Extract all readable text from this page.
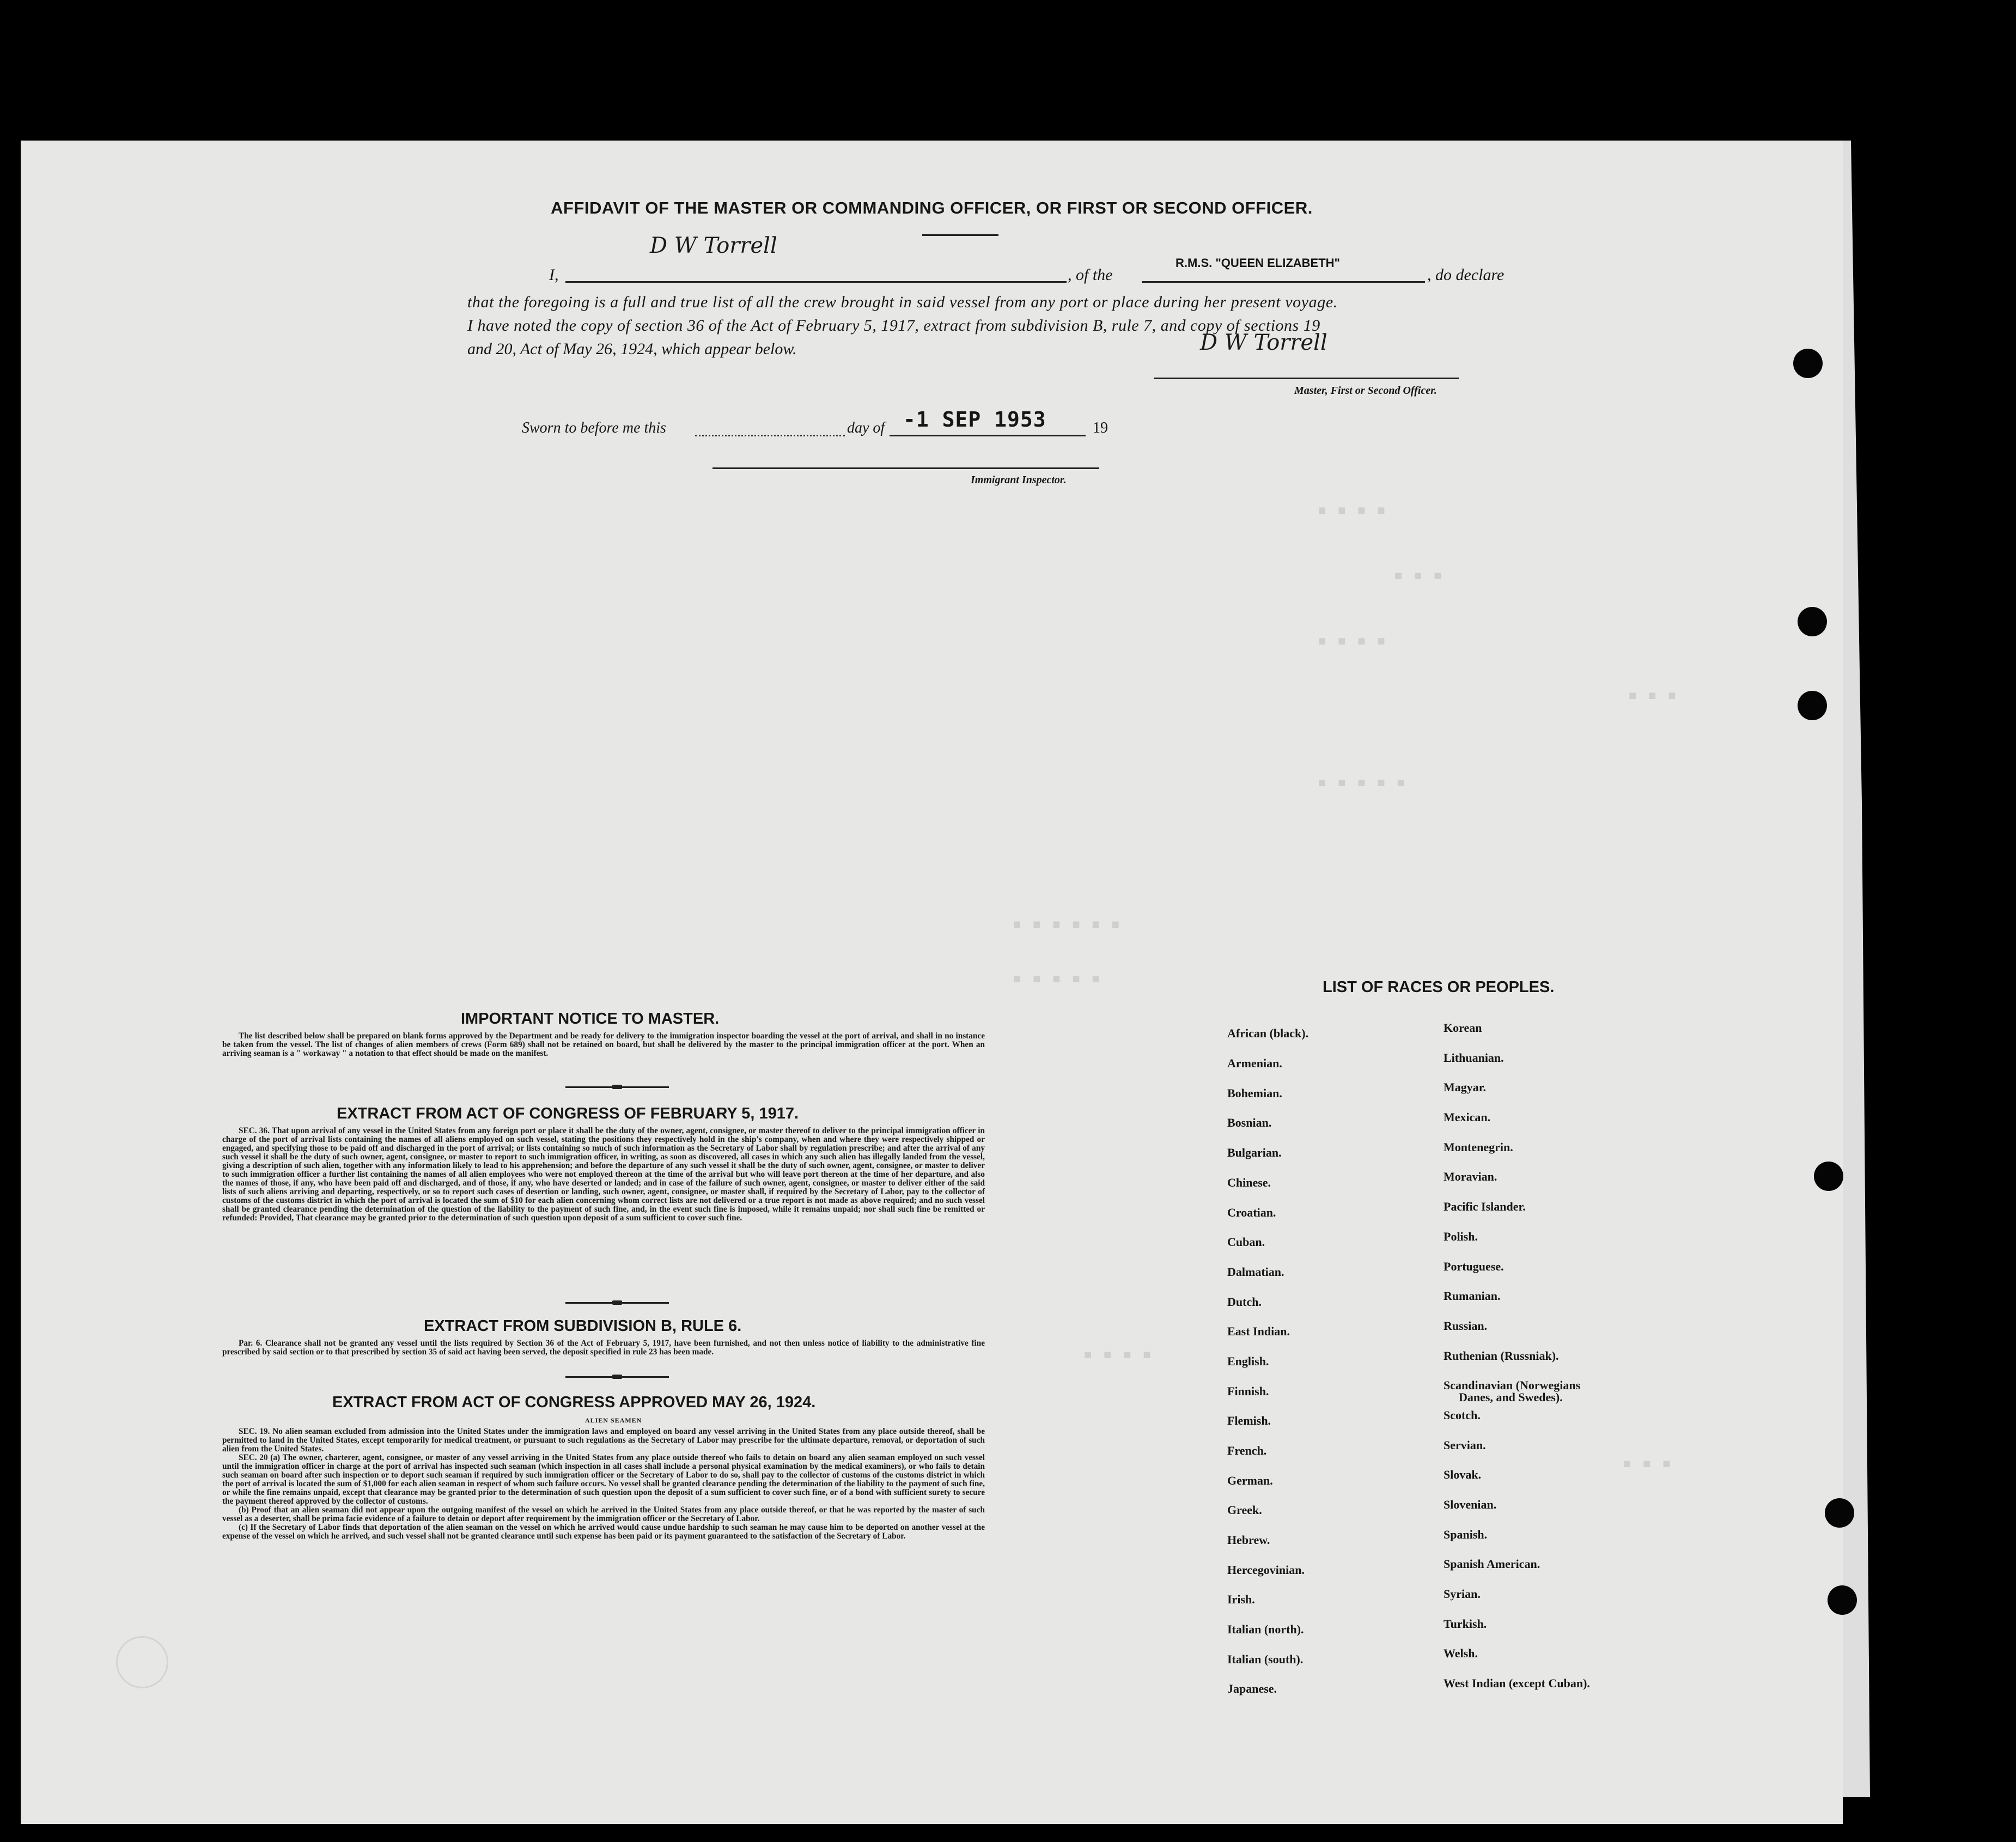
▪ ▪ ▪ ▪
▪ ▪ ▪
▪ ▪ ▪ ▪
▪ ▪ ▪
▪ ▪ ▪ ▪ ▪
▪ ▪ ▪ ▪ ▪ ▪
▪ ▪ ▪ ▪ ▪
▪ ▪ ▪ ▪
▪ ▪ ▪
AFFIDAVIT OF THE MASTER OR COMMANDING OFFICER, OR FIRST OR SECOND OFFICER.
D W Torrell
I,	, of the
R.M.S. "QUEEN ELIZABETH"
, do declare
that the foregoing is a full and true list of all the crew brought in said vessel from any port or place during her present voyage.
I have noted the copy of section 36 of the Act of February 5, 1917, extract from subdivision B, rule 7, and copy of sections 19
and 20, Act of May 26, 1924, which appear below.	D W Torrell
Master, First or Second Officer.
Sworn to before me this	day of -1 SEP 1953	19
Immigrant Inspector.
IMPORTANT NOTICE TO MASTER.

The list described below shall be prepared on blank forms approved by the Department and be ready for delivery to the immigration inspector boarding the vessel at the port of arrival, and shall in no instance be taken from the vessel. The list of changes of alien members of crews (Form 689) shall not be retained on board, but shall be delivered by the master to the principal immigration officer at the port. When an arriving seaman is a " workaway " a notation to that effect should be made on the manifest.

EXTRACT FROM ACT OF CONGRESS OF FEBRUARY 5, 1917.

SEC. 36. That upon arrival of any vessel in the United States from any foreign port or place it shall be the duty of the owner, agent, consignee, or master thereof to deliver to the principal immigration officer in charge of the port of arrival lists containing the names of all aliens employed on such vessel, stating the positions they respectively hold in the ship's company, when and where they were respectively shipped or engaged, and specifying those to be paid off and discharged in the port of arrival; or lists containing so much of such information as the Secretary of Labor shall by regulation prescribe; and after the arrival of any such vessel it shall be the duty of such owner, agent, consignee, or master to report to such immigration officer, in writing, as soon as discovered, all cases in which any such alien has illegally landed from the vessel, giving a description of such alien, together with any information likely to lead to his apprehension; and before the departure of any such vessel it shall be the duty of such owner, agent, consignee, or master to deliver to such immigration officer a further list containing the names of all alien employees who were not employed thereon at the time of the arrival but who will leave port thereon at the time of her departure, and also the names of those, if any, who have been paid off and discharged, and of those, if any, who have deserted or landed; and in case of the failure of such owner, agent, consignee, or master to deliver either of the said lists of such aliens arriving and departing, respectively, or so to report such cases of desertion or landing, such owner, agent, consignee, or master shall, if required by the Secretary of Labor, pay to the collector of customs of the customs district in which the port of arrival is located the sum of $10 for each alien concerning whom correct lists are not delivered or a true report is not made as above required; and no such vessel shall be granted clearance pending the determination of the question of the liability to the payment of such fine, and, in the event such fine is imposed, while it remains unpaid; nor shall such fine be remitted or refunded: Provided, That clearance may be granted prior to the determination of such question upon deposit of a sum sufficient to cover such fine.

EXTRACT FROM SUBDIVISION B, RULE 6.

Par. 6. Clearance shall not be granted any vessel until the lists required by Section 36 of the Act of February 5, 1917, have been furnished, and not then unless notice of liability to the administrative fine prescribed by said section or to that prescribed by section 35 of said act having been served, the deposit specified in rule 23 has been made.

EXTRACT FROM ACT OF CONGRESS APPROVED MAY 26, 1924.
ALIEN SEAMEN

SEC. 19. No alien seaman excluded from admission into the United States under the immigration laws and employed on board any vessel arriving in the United States from any place outside thereof, shall be permitted to land in the United States, except temporarily for medical treatment, or pursuant to such regulations as the Secretary of Labor may prescribe for the ultimate departure, removal, or deportation of such alien from the United States.

SEC. 20 (a) The owner, charterer, agent, consignee, or master of any vessel arriving in the United States from any place outside thereof who fails to detain on board any alien seaman employed on such vessel until the immigration officer in charge at the port of arrival has inspected such seaman (which inspection in all cases shall include a personal physical examination by the medical examiners), or who fails to detain such seaman on board after such inspection or to deport such seaman if required by such immigration officer or the Secretary of Labor to do so, shall pay to the collector of customs of the customs district in which the port of arrival is located the sum of $1,000 for each alien seaman in respect of whom such failure occurs. No vessel shall be granted clearance pending the determination of the liability to the payment of such fine, or while the fine remains unpaid, except that clearance may be granted prior to the determination of such question upon the deposit of a sum sufficient to cover such fine, or of a bond with sufficient surety to secure the payment thereof approved by the collector of customs.

(b) Proof that an alien seaman did not appear upon the outgoing manifest of the vessel on which he arrived in the United States from any place outside thereof, or that he was reported by the master of such vessel as a deserter, shall be prima facie evidence of a failure to detain or deport after requirement by the immigration officer or the Secretary of Labor.

(c) If the Secretary of Labor finds that deportation of the alien seaman on the vessel on which he arrived would cause undue hardship to such seaman he may cause him to be deported on another vessel at the expense of the vessel on which he arrived, and such vessel shall not be granted clearance until such expense has been paid or its payment guaranteed to the satisfaction of the Secretary of Labor.

LIST OF RACES OR PEOPLES.
African (black).
Armenian.
Bohemian.
Bosnian.
Bulgarian.
Chinese.
Croatian.
Cuban.
Dalmatian.
Dutch.
East Indian.
English.
Finnish.
Flemish.
French.
German.
Greek.
Hebrew.
Hercegovinian.
Irish.
Italian (north).
Italian (south).
Japanese.
Korean
Lithuanian.
Magyar.
Mexican.
Montenegrin.
Moravian.
Pacific Islander.
Polish.
Portuguese.
Rumanian.
Russian.
Ruthenian (Russniak).
Scandinavian (Norwegians
Danes, and Swedes).
Scotch.
Servian.
Slovak.
Slovenian.
Spanish.
Spanish American.
Syrian.
Turkish.
Welsh.
West Indian (except Cuban).
